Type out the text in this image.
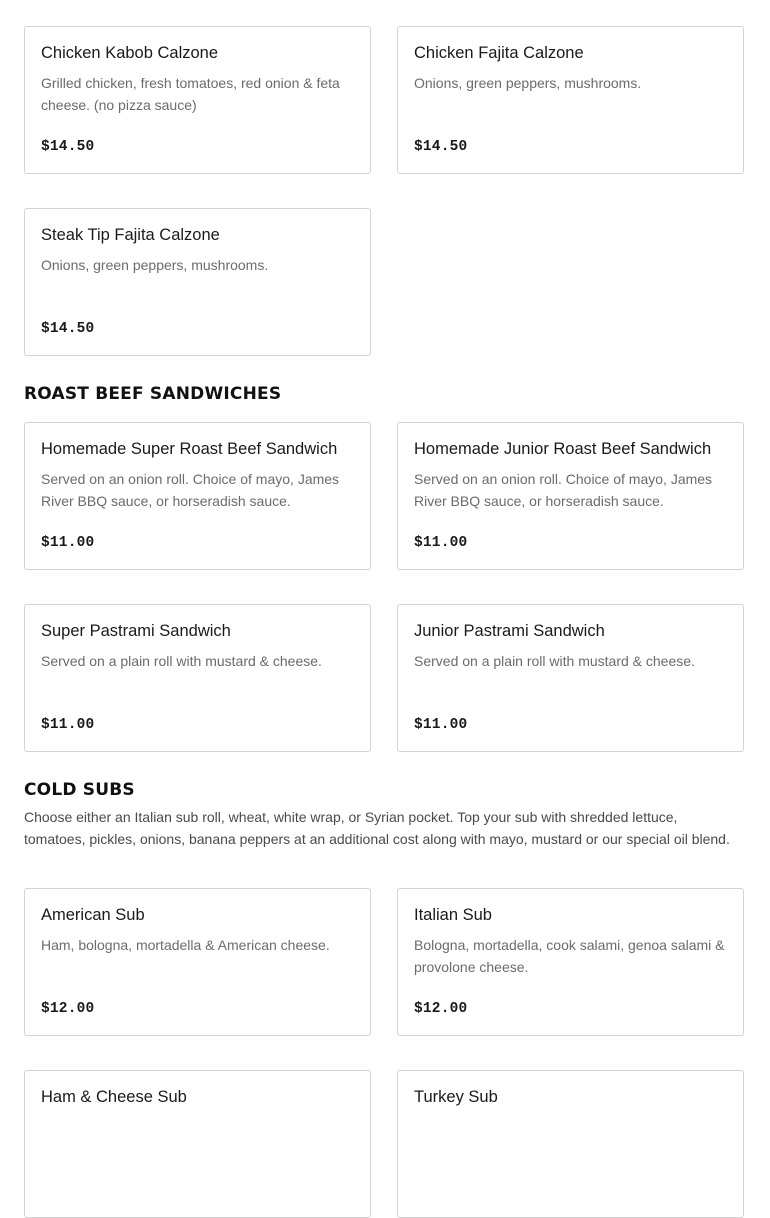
Chicken Kabob Calzone
Grilled chicken, fresh tomatoes, red onion & feta cheese. (no pizza sauce)
$14.50
Chicken Fajita Calzone
Onions, green peppers, mushrooms.
$14.50
Steak Tip Fajita Calzone
Onions, green peppers, mushrooms.
$14.50
ROAST BEEF SANDWICHES
Homemade Super Roast Beef Sandwich
Served on an onion roll. Choice of mayo, James River BBQ sauce, or horseradish sauce.
$11.00
Homemade Junior Roast Beef Sandwich
Served on an onion roll. Choice of mayo, James River BBQ sauce, or horseradish sauce.
$11.00
Super Pastrami Sandwich
Served on a plain roll with mustard & cheese.
$11.00
Junior Pastrami Sandwich
Served on a plain roll with mustard & cheese.
$11.00
COLD SUBS

Choose either an Italian sub roll, wheat, white wrap, or Syrian pocket. Top your sub with shredded lettuce, tomatoes, pickles, onions, banana peppers at an additional cost along with mayo, mustard or our special oil blend.

American Sub
Ham, bologna, mortadella & American cheese.
$12.00
Italian Sub
Bologna, mortadella, cook salami, genoa salami & provolone cheese.
$12.00
Ham & Cheese Sub	Turkey Sub
